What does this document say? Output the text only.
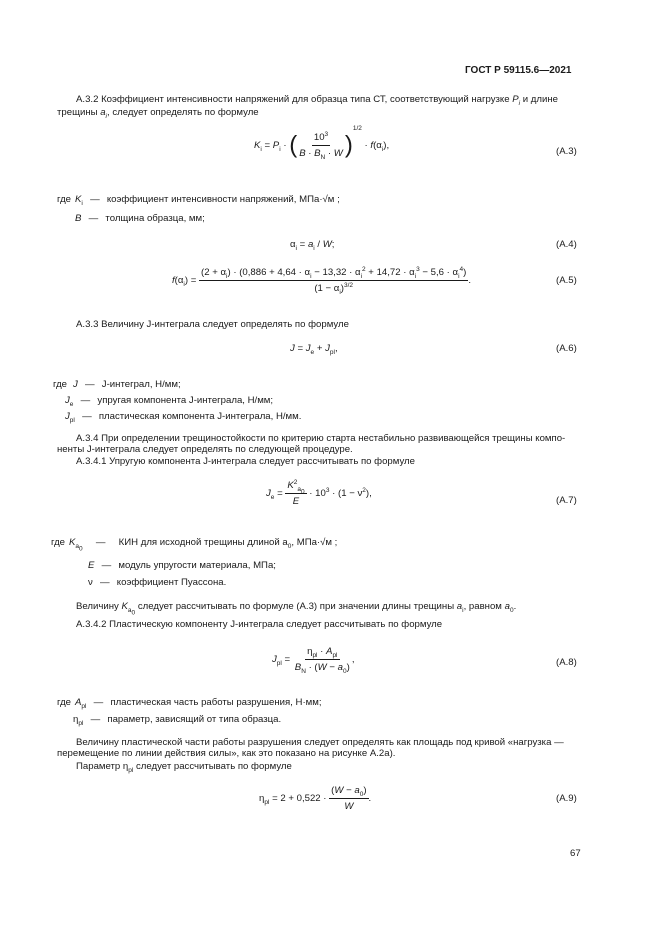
ГОСТ Р 59115.6—2021
А.3.2 Коэффициент интенсивности напряжений для образца типа СТ, соответствующий нагрузке $P_i$ и длине
трещины $a_i$, следует определять по формуле
$K_i = P_i$ · ( $\frac{10^3}{B \cdot B_N \cdot W} )^{1/2} \cdot f(\alpha_i)$,
(А.3)
где $K_i$ — коэффициент интенсивности напряжений, МПа·√м ;
B — толщина образца, мм;
$\alpha_i = a_i / W$;	(А.4)
$f(\alpha_i)$ =
$(2 + \alpha_i) \cdot (0,886 + 4,64 \cdot \alpha_i - 13,32 \cdot \alpha_i^2 + 14,72 \cdot \alpha_i^3 - 5,6 \cdot \alpha_i^4)$
$(1 - \alpha_i)^{3/2}$	.	(А.5)
А.3.3 Величину J-интеграла следует определять по формуле
$J = J_e + J_{pl}$,	(А.6)
где J — J-интеграл, Н/мм;
$J_e$ — упругая компонента J-интеграла, Н/мм;
$J_{pl}$ — пластическая компонента J-интеграла, Н/мм.
А.3.4 При определении трещиностойкости по критерию старта нестабильно развивающейся трещины компо-
ненты J-интеграла следует определять по следующей процедуре.
А.3.4.1 Упругую компонента J-интеграла следует рассчитывать по формуле
$J_e = \frac{K^2_{a_0}}{E} \cdot 10^3 \cdot (1 - \nu^2)$,
(А.7)
где $K_{a_0}—$ КИН для исходной трещины длиной $a_0$, МПа·√м ;
E — модуль упругости материала, МПа;
ν — коэффициент Пуассона.
Величину $K_{a_0}$ следует рассчитывать по формуле (А.3) при значении длины трещины $a_i$, равном $a_0$.
А.3.4.2 Пластическую компоненту J-интеграла следует рассчитывать по формуле
$J_{pl} = \frac{\eta_{pl} \cdot A_{pl}}{B_N \cdot (W - a_0)}$ ,	(А.8)
где $A_{pl}$ — пластическая часть работы разрушения, Н·мм;
$\eta_{pl}$ — параметр, зависящий от типа образца.
Величину пластической части работы разрушения следует определять как площадь под кривой «нагрузка —
перемещение по линии действия силы», как это показано на рисунке А.2а).
Параметр $\eta_{pl}$ следует рассчитывать по формуле
$\eta_{pl} = 2 + 0,522 \cdot \frac{(W - a_0)}{W}$ .	(А.9)
67
